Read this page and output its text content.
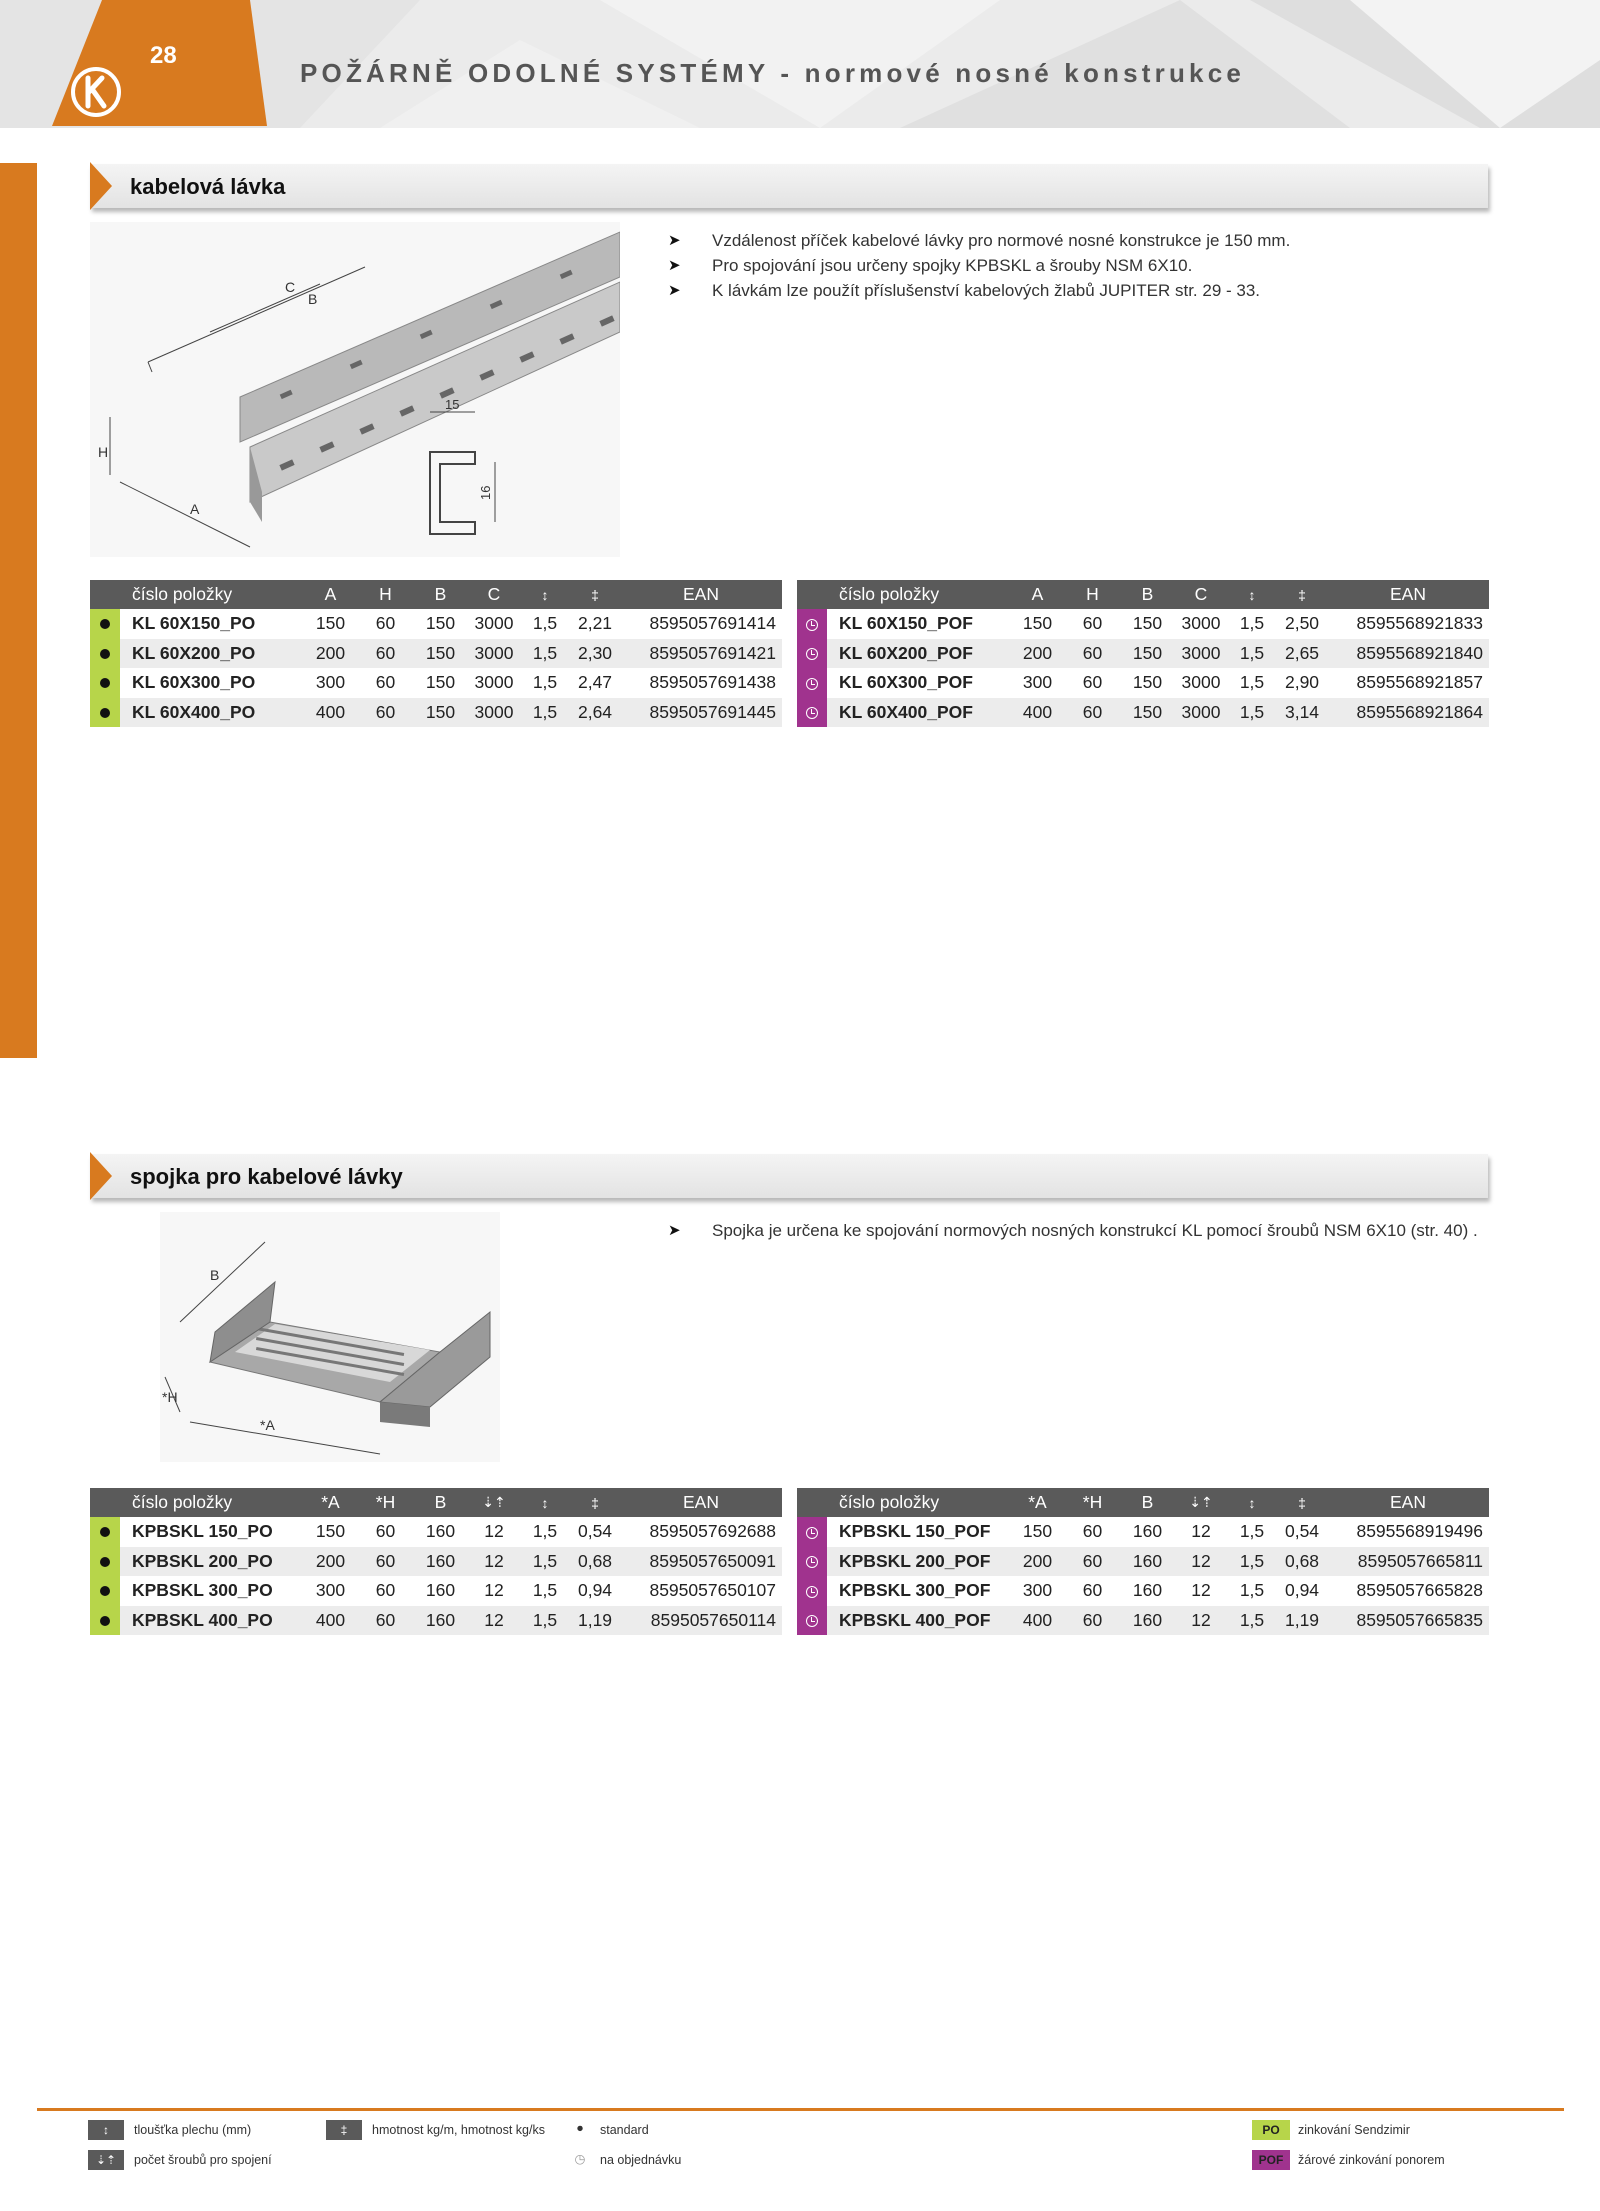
28
POŽÁRNĚ ODOLNÉ SYSTÉMY - normové nosné konstrukce
kabelová lávka
C
B
H
A
15
16
➤ Vzdálenost příček kabelové lávky pro normové nosné konstrukce je 150 mm.
➤ Pro spojování jsou určeny spojky KPBSKL a šrouby NSM 6X10.
➤ K lávkám lze použít příslušenství kabelových žlabů JUPITER str. 29 - 33.
	číslo položky	A	H	B	C	↕	‡	EAN
	KL 60X150_PO	150	60	150	3000	1,5	2,21	8595057691414
	KL 60X200_PO	200	60	150	3000	1,5	2,30	8595057691421
	KL 60X300_PO	300	60	150	3000	1,5	2,47	8595057691438
	KL 60X400_PO	400	60	150	3000	1,5	2,64	8595057691445
	číslo položky	A	H	B	C	↕	‡	EAN
	KL 60X150_POF	150	60	150	3000	1,5	2,50	8595568921833
	KL 60X200_POF	200	60	150	3000	1,5	2,65	8595568921840
	KL 60X300_POF	300	60	150	3000	1,5	2,90	8595568921857
	KL 60X400_POF	400	60	150	3000	1,5	3,14	8595568921864
spojka pro kabelové lávky
B
*H
*A
➤ Spojka je určena ke spojování normových nosných konstrukcí KL pomocí šroubů NSM 6X10 (str. 40) .
	číslo položky	*A	*H	B	⇣⇡	↕	‡	EAN
	KPBSKL 150_PO	150	60	160	12	1,5	0,54	8595057692688
	KPBSKL 200_PO	200	60	160	12	1,5	0,68	8595057650091
	KPBSKL 300_PO	300	60	160	12	1,5	0,94	8595057650107
	KPBSKL 400_PO	400	60	160	12	1,5	1,19	8595057650114
	číslo položky	*A	*H	B	⇣⇡	↕	‡	EAN
	KPBSKL 150_POF	150	60	160	12	1,5	0,54	8595568919496
	KPBSKL 200_POF	200	60	160	12	1,5	0,68	8595057665811
	KPBSKL 300_POF	300	60	160	12	1,5	0,94	8595057665828
	KPBSKL 400_POF	400	60	160	12	1,5	1,19	8595057665835
↕	tloušťka plechu (mm)
⇣⇡	počet šroubů pro spojení
‡	hmotnost kg/m, hmotnost kg/ks	●	standard
◷	na objednávku
PO	zinkování Sendzimir
POF	žárové zinkování ponorem
